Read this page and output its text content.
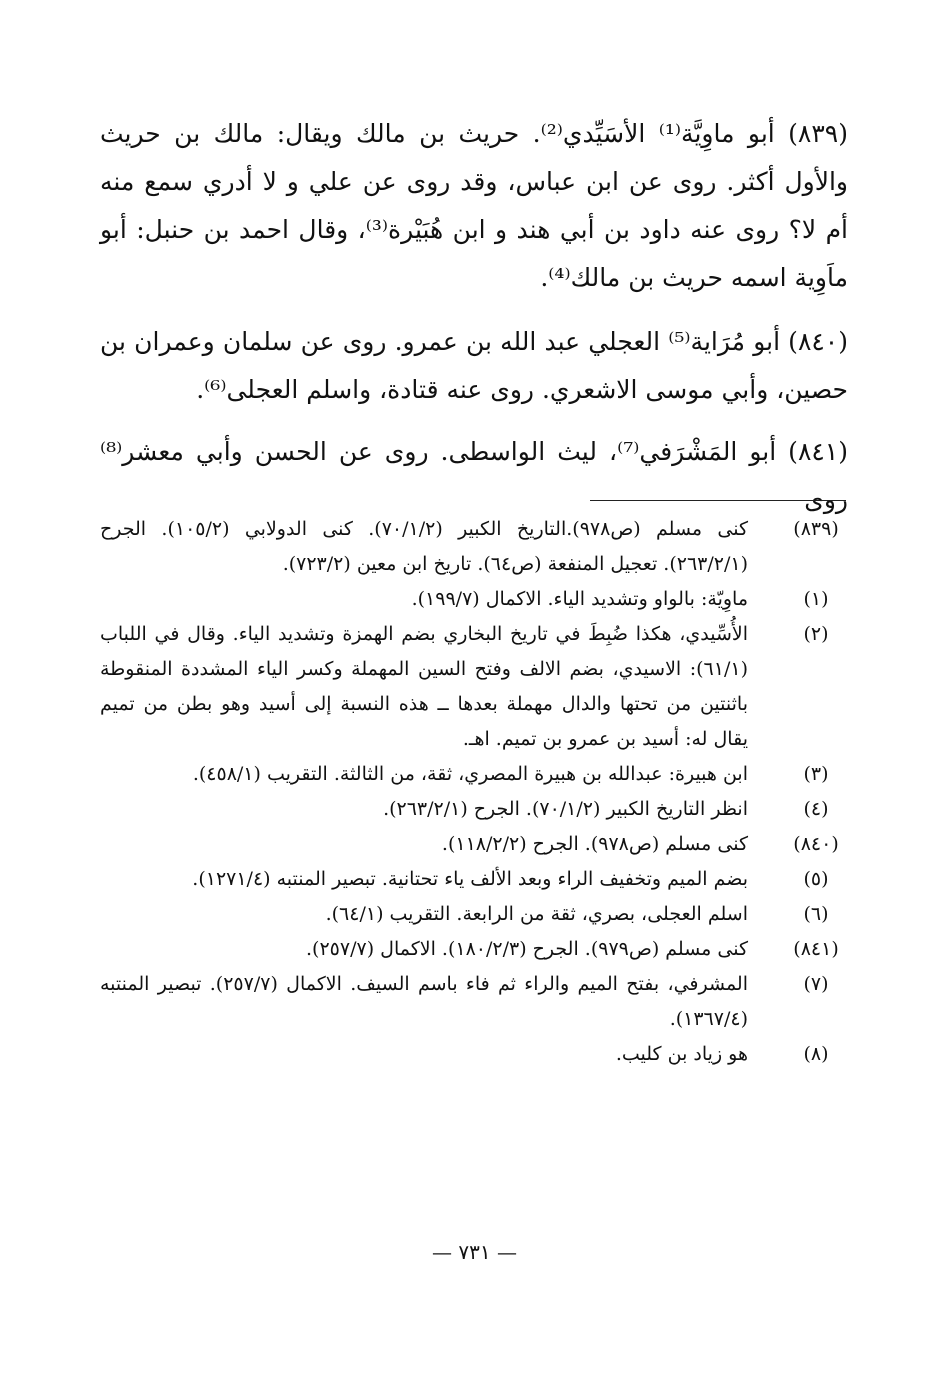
(٨٣٩) أبو ماوِيَّة⁽¹⁾ الأسَيِّدي⁽²⁾. حريث بن مالك ويقال: مالك بن حريث والأول أكثر. روى عن ابن عباس، وقد روى عن علي و لا أدري سمع منه أم لا؟ روى عنه داود بن أبي هند و ابن هُبَيْرة⁽³⁾، وقال احمد بن حنبل: أبو ماَوِية اسمه حريث بن مالك⁽⁴⁾.

(٨٤٠) أبو مُرَاية⁽⁵⁾ العجلي عبد الله بن عمرو. روى عن سلمان وعمران بن حصين، وأبي موسى الاشعري. روى عنه قتادة، واسلم العجلى⁽⁶⁾.

(٨٤١) أبو المَشْرَفي⁽⁷⁾، ليث الواسطى. روى عن الحسن وأبي معشر⁽⁸⁾ روى

(٨٣٩)
كنى مسلم (ص٩٧٨).التاريخ الكبير (٧٠/١/٢). كنى الدولابي (١٠٥/٢). الجرح (٢٦٣/٢/١). تعجيل المنفعة (ص٦٤). تاريخ ابن معين (٧٢٣/٢).
(١)
ماوِيّة: بالواو وتشديد الياء. الاكمال (١٩٩/٧).
(٢)
الأُسِّيدي، هكذا ضُبِطَ في تاريخ البخاري بضم الهمزة وتشديد الياء. وقال في اللباب (٦١/١): الاسيدي، بضم الالف وفتح السين المهملة وكسر الياء المشددة المنقوطة باثنتين من تحتها والدال مهملة بعدها ــ هذه النسبة إلى أسيد وهو بطن من تميم يقال له: أسيد بن عمرو بن تميم. اهـ.
(٣)
ابن هبيرة: عبدالله بن هبيرة المصري، ثقة، من الثالثة. التقريب (٤٥٨/١).
(٤)
انظر التاريخ الكبير (٧٠/١/٢). الجرح (٢٦٣/٢/١).
(٨٤٠)
كنى مسلم (ص٩٧٨). الجرح (١١٨/٢/٢).
(٥)
بضم الميم وتخفيف الراء وبعد الألف ياء تحتانية. تبصير المنتبه (١٢٧١/٤).
(٦)
اسلم العجلى، بصري، ثقة من الرابعة. التقريب (٦٤/١).
(٨٤١)
كنى مسلم (ص٩٧٩). الجرح (١٨٠/٢/٣). الاكمال (٢٥٧/٧).
(٧)
المشرفي، بفتح الميم والراء ثم فاء باسم السيف. الاكمال (٢٥٧/٧). تبصير المنتبه (١٣٦٧/٤).
(٨)
هو زياد بن كليب.
— ٧٣١ —
